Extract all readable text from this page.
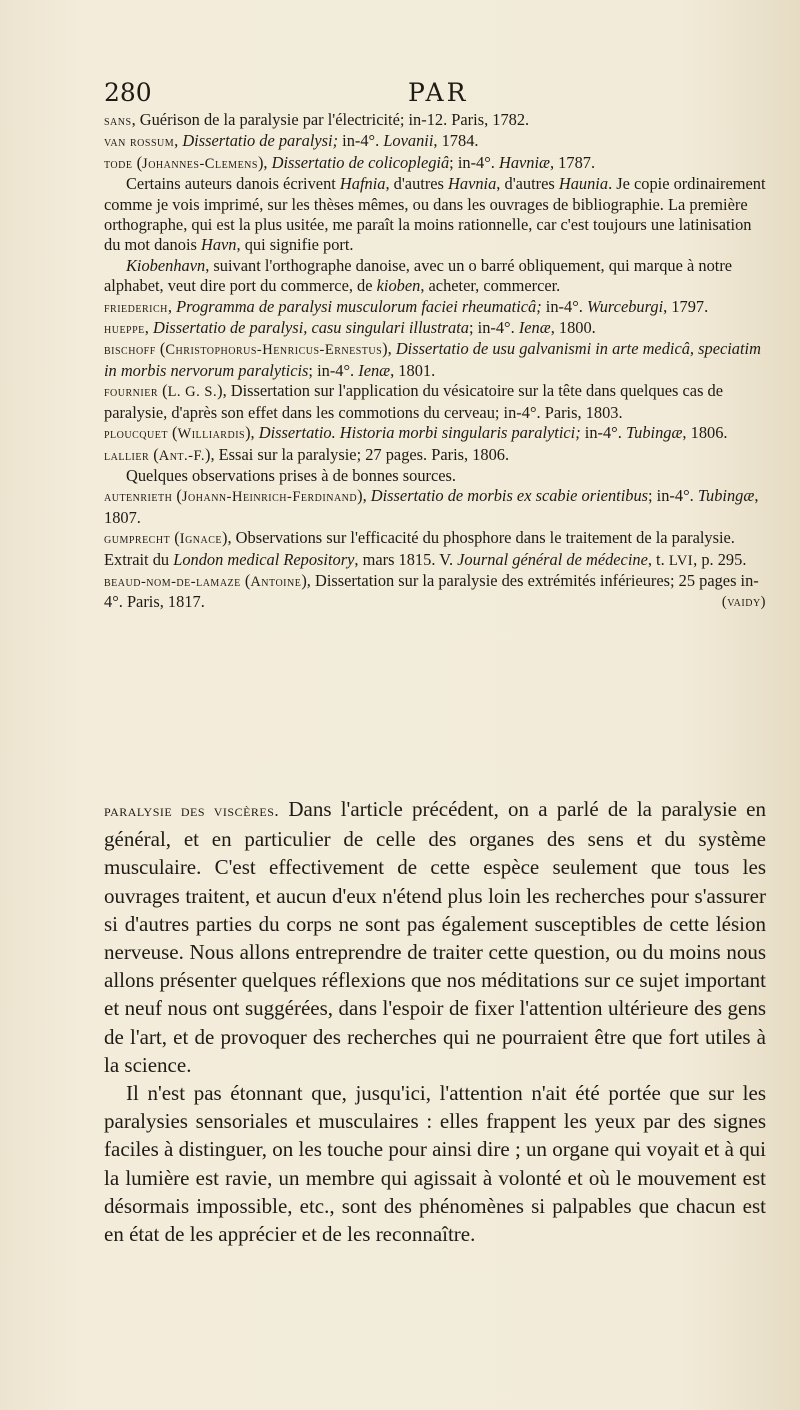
280	PAR

sans, Guérison de la paralysie par l'électricité; in-12. Paris, 1782.

van rossum, Dissertatio de paralysi; in-4°. Lovanii, 1784.

tode (Johannes-Clemens), Dissertatio de colicoplegiâ; in-4°. Havniæ, 1787.

Certains auteurs danois écrivent Hafnia, d'autres Havnia, d'autres Haunia. Je copie ordinairement comme je vois imprimé, sur les thèses mêmes, ou dans les ouvrages de bibliographie. La première orthographe, qui est la plus usitée, me paraît la moins rationnelle, car c'est toujours une latinisation du mot danois Havn, qui signifie port.

Kiobenhavn, suivant l'orthographe danoise, avec un o barré obliquement, qui marque à notre alphabet, veut dire port du commerce, de kioben, acheter, commercer.

friederich, Programma de paralysi musculorum faciei rheumaticâ; in-4°. Wurceburgi, 1797.

hueppe, Dissertatio de paralysi, casu singulari illustrata; in-4°. Ienæ, 1800.

bischoff (Christophorus-Henricus-Ernestus), Dissertatio de usu galvanismi in arte medicâ, speciatim in morbis nervorum paralyticis; in-4°. Ienæ, 1801.

fournier (L. G. S.), Dissertation sur l'application du vésicatoire sur la tête dans quelques cas de paralysie, d'après son effet dans les commotions du cerveau; in-4°. Paris, 1803.

ploucquet (Williardis), Dissertatio. Historia morbi singularis paralytici; in-4°. Tubingæ, 1806.

lallier (Ant.-F.), Essai sur la paralysie; 27 pages. Paris, 1806.

Quelques observations prises à de bonnes sources.

autenrieth (Johann-Heinrich-Ferdinand), Dissertatio de morbis ex scabie orientibus; in-4°. Tubingæ, 1807.

gumprecht (Ignace), Observations sur l'efficacité du phosphore dans le traitement de la paralysie. Extrait du London medical Repository, mars 1815. V. Journal général de médecine, t. LVI, p. 295.

beaud-nom-de-lamaze (Antoine), Dissertation sur la paralysie des extrémités inférieures; 25 pages in-4°. Paris, 1817.	(vaidy)

paralysie des viscères. Dans l'article précédent, on a parlé de la paralysie en général, et en particulier de celle des organes des sens et du système musculaire. C'est effectivement de cette espèce seulement que tous les ouvrages traitent, et aucun d'eux n'étend plus loin les recherches pour s'assurer si d'autres parties du corps ne sont pas également susceptibles de cette lésion nerveuse. Nous allons entreprendre de traiter cette question, ou du moins nous allons présenter quelques réflexions que nos méditations sur ce sujet important et neuf nous ont suggérées, dans l'espoir de fixer l'attention ultérieure des gens de l'art, et de provoquer des recherches qui ne pourraient être que fort utiles à la science.

Il n'est pas étonnant que, jusqu'ici, l'attention n'ait été portée que sur les paralysies sensoriales et musculaires : elles frappent les yeux par des signes faciles à distinguer, on les touche pour ainsi dire ; un organe qui voyait et à qui la lumière est ravie, un membre qui agissait à volonté et où le mouvement est désormais impossible, etc., sont des phénomènes si palpables que chacun est en état de les apprécier et de les reconnaître.
